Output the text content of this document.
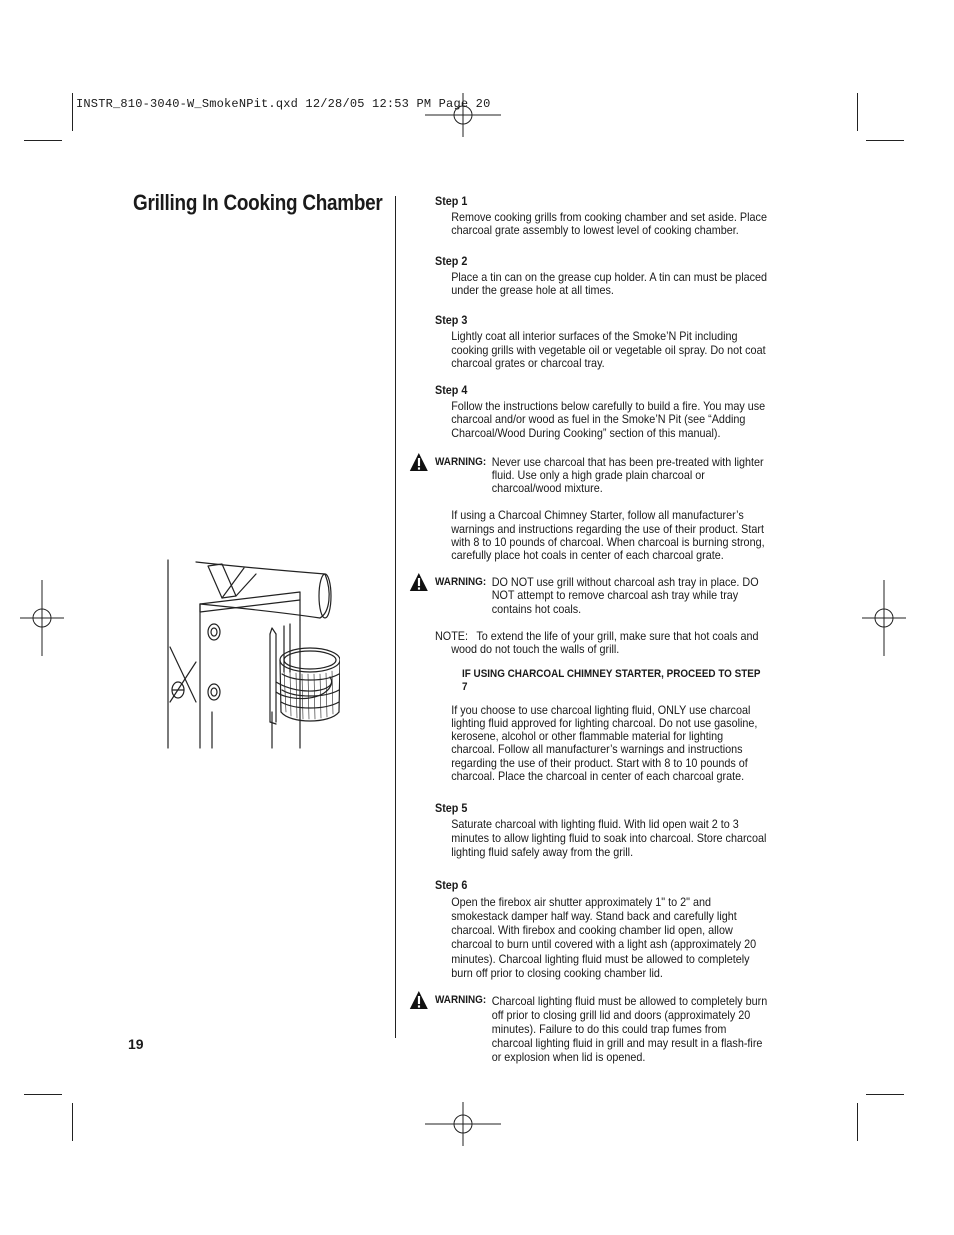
INSTR_810-3040-W_SmokeNPit.qxd 12/28/05 12:53 PM Page 20
Grilling In Cooking Chamber
19
Step 1
Remove cooking grills from cooking chamber and set aside. Place charcoal grate assembly to lowest level of cooking chamber.
Step 2
Place a tin can on the grease cup holder. A tin can must be placed under the grease hole at all times.
Step 3
Lightly coat all interior surfaces of the Smoke’N Pit including cooking grills with vegetable oil or vegetable oil spray. Do not coat charcoal grates or charcoal tray.
Step 4
Follow the instructions below carefully to build a fire. You may use charcoal and/or wood as fuel in the Smoke’N Pit (see “Adding Charcoal/Wood During Cooking” section of this manual).
WARNING: Never use charcoal that has been pre-treated with lighter fluid. Use only a high grade plain charcoal or charcoal/wood mixture.
If using a Charcoal Chimney Starter, follow all manufacturer’s warnings and instructions regarding the use of their product. Start with 8 to 10 pounds of charcoal. When charcoal is burning strong, carefully place hot coals in center of each charcoal grate.
WARNING: DO NOT use grill without charcoal ash tray in place. DO NOT attempt to remove charcoal ash tray while tray contains hot coals.
NOTE: To extend the life of your grill, make sure that hot coals and
wood do not touch the walls of grill.
IF USING CHARCOAL CHIMNEY STARTER, PROCEED TO STEP 7
If you choose to use charcoal lighting fluid, ONLY use charcoal lighting fluid approved for lighting charcoal. Do not use gasoline, kerosene, alcohol or other flammable material for lighting charcoal. Follow all manufacturer’s warnings and instructions regarding the use of their product. Start with 8 to 10 pounds of charcoal. Place the charcoal in center of each charcoal grate.
Step 5
Saturate charcoal with lighting fluid. With lid open wait 2 to 3 minutes to allow lighting fluid to soak into charcoal. Store charcoal lighting fluid safely away from the grill.
Step 6
Open the firebox air shutter approximately 1" to 2" and smokestack damper half way. Stand back and carefully light charcoal. With firebox and cooking chamber lid open, allow charcoal to burn until covered with a light ash (approximately 20 minutes). Charcoal lighting fluid must be allowed to completely burn off prior to closing cooking chamber lid.
WARNING: Charcoal lighting fluid must be allowed to completely burn off prior to closing grill lid and doors (approximately 20 minutes). Failure to do this could trap fumes from charcoal lighting fluid in grill and may result in a flash-fire or explosion when lid is opened.
